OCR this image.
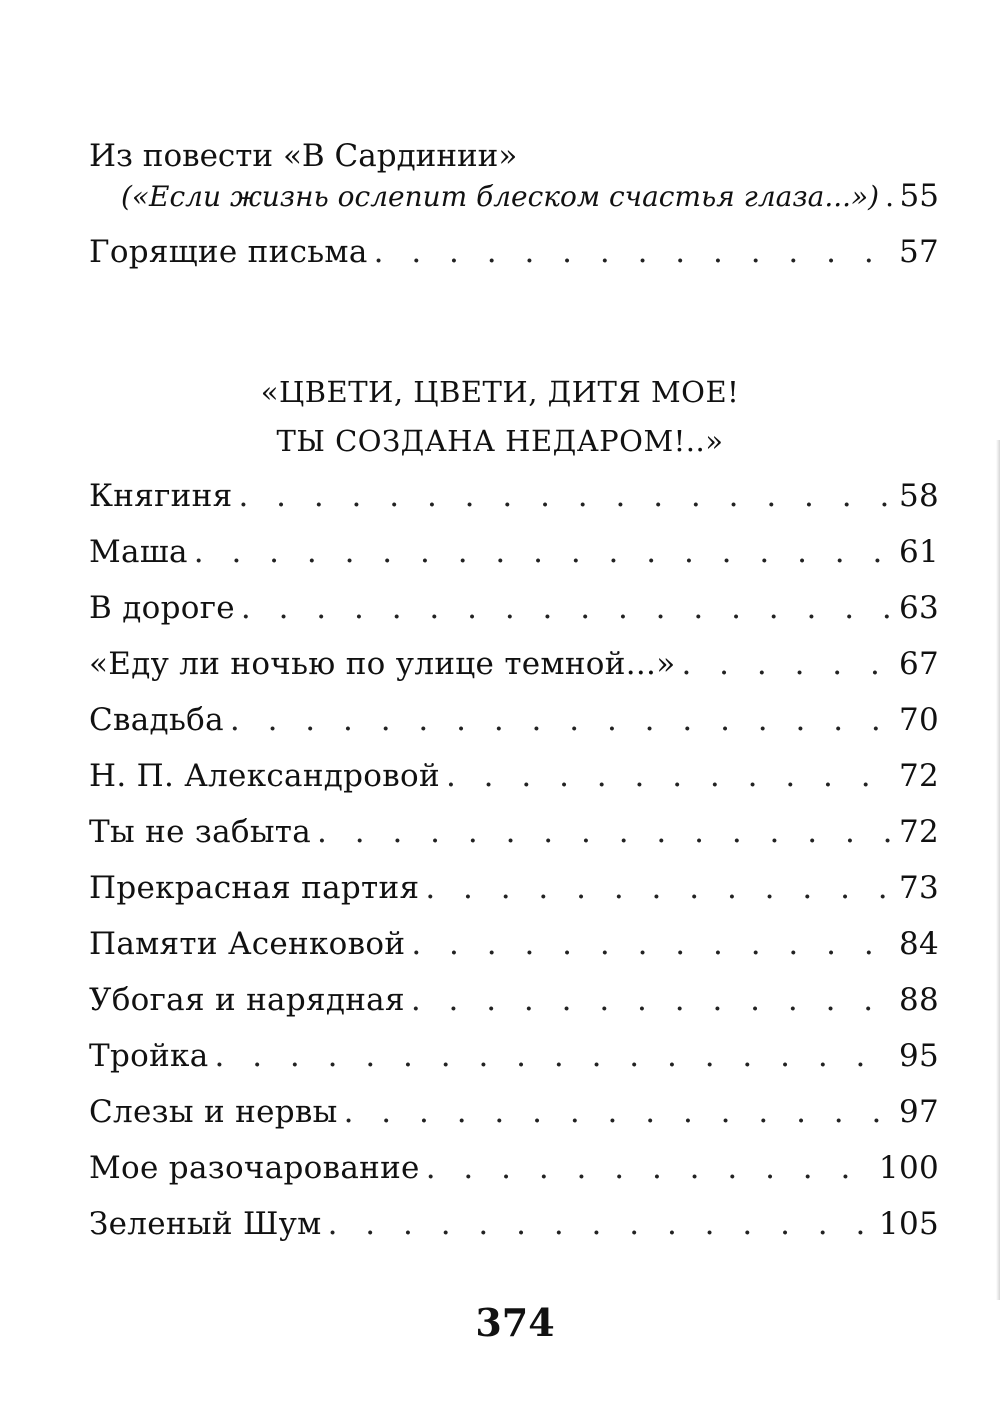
Из повести «В Сардинии»
(«Если жизнь ослепит блеском счастья глаза...») . . . 55
Горящие письма . . .	57
«ЦВЕТИ, ЦВЕТИ, ДИТЯ МОЕ!
ТЫ СОЗДАНА НЕДАРОМ!..»
Княгиня . . .	58
Маша . . .	61
В дороге . . .	63
«Еду ли ночью по улице темной...» . . .	67
Свадьба . . .	70
Н. П. Александровой . . .	72
Ты не забыта . . .	72
Прекрасная партия . . .	73
Памяти Асенковой . . .	84
Убогая и нарядная . . .	88
Тройка . . .	95
Слезы и нервы . . .	97
Мое разочарование . . .	100
Зеленый Шум . . .	105
374
